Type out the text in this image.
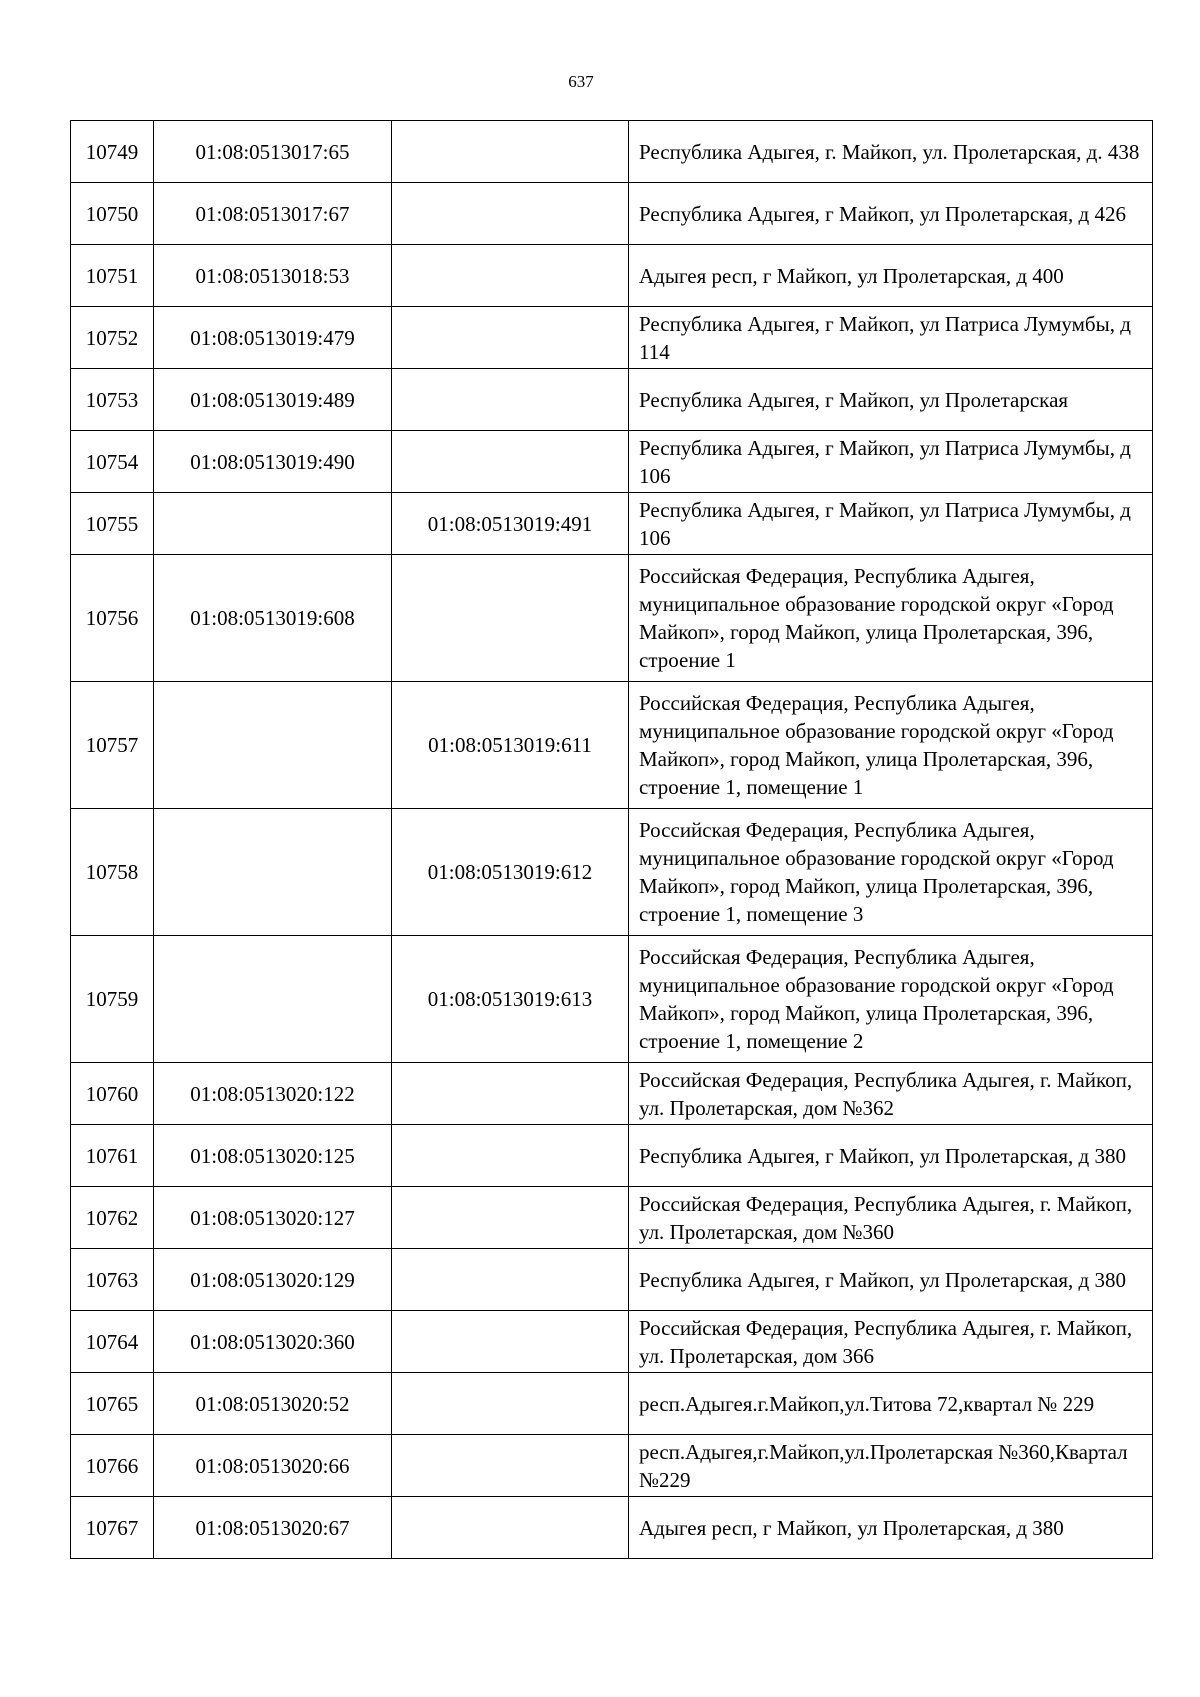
637
10749	01:08:0513017:65		Республика Адыгея, г. Майкоп, ул. Пролетарская, д. 438
10750	01:08:0513017:67		Республика Адыгея, г Майкоп, ул Пролетарская, д 426
10751	01:08:0513018:53		Адыгея респ, г Майкоп, ул Пролетарская, д 400
10752	01:08:0513019:479		Республика Адыгея, г Майкоп, ул Патриса Лумумбы, д 114
10753	01:08:0513019:489		Республика Адыгея, г Майкоп, ул Пролетарская
10754	01:08:0513019:490		Республика Адыгея, г Майкоп, ул Патриса Лумумбы, д 106
10755		01:08:0513019:491	Республика Адыгея, г Майкоп, ул Патриса Лумумбы, д 106
10756	01:08:0513019:608		Российская Федерация, Республика Адыгея, муниципальное образование городской округ «Город Майкоп», город Майкоп, улица Пролетарская, 396, строение 1
10757		01:08:0513019:611	Российская Федерация, Республика Адыгея, муниципальное образование городской округ «Город Майкоп», город Майкоп, улица Пролетарская, 396, строение 1, помещение 1
10758		01:08:0513019:612	Российская Федерация, Республика Адыгея, муниципальное образование городской округ «Город Майкоп», город Майкоп, улица Пролетарская, 396, строение 1, помещение 3
10759		01:08:0513019:613	Российская Федерация, Республика Адыгея, муниципальное образование городской округ «Город Майкоп», город Майкоп, улица Пролетарская, 396, строение 1, помещение 2
10760	01:08:0513020:122		Российская Федерация, Республика Адыгея, г. Майкоп, ул. Пролетарская, дом №362
10761	01:08:0513020:125		Республика Адыгея, г Майкоп, ул Пролетарская, д 380
10762	01:08:0513020:127		Российская Федерация, Республика Адыгея, г. Майкоп, ул. Пролетарская, дом №360
10763	01:08:0513020:129		Республика Адыгея, г Майкоп, ул Пролетарская, д 380
10764	01:08:0513020:360		Российская Федерация, Республика Адыгея, г. Майкоп, ул. Пролетарская, дом 366
10765	01:08:0513020:52		респ.Адыгея.г.Майкоп,ул.Титова 72,квартал № 229
10766	01:08:0513020:66		респ.Адыгея,г.Майкоп,ул.Пролетарская №360,Квартал №229
10767	01:08:0513020:67		Адыгея респ, г Майкоп, ул Пролетарская, д 380
